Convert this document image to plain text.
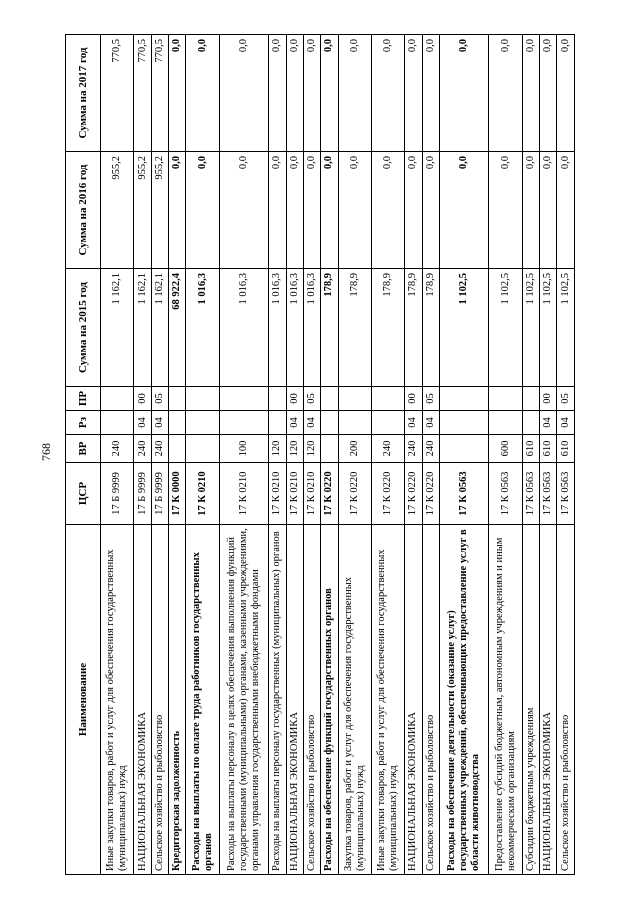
768
Наименование	ЦСР	ВР	Рз	ПР	Сумма на 2015 год	Сумма на 2016 год	Сумма на 2017 год
Иные закупки товаров, работ и услуг для обеспечения государственных (муниципальных) нужд	17 Б 9999	240			1 162,1	955,2	770,5
НАЦИОНАЛЬНАЯ ЭКОНОМИКА	17 Б 9999	240	04	00	1 162,1	955,2	770,5
Сельское хозяйство и рыболовство	17 Б 9999	240	04	05	1 162,1	955,2	770,5
Кредиторская задолженность	17 К 0000				68 922,4	0,0	0,0
Расходы на выплаты по оплате труда работников государственных органов	17 К 0210				1 016,3	0,0	0,0
Расходы на выплаты персоналу в целях обеспечения выполнения функций государственными (муниципальными) органами, казенными учреждениями, органами управления государственными внебюджетными фондами	17 К 0210	100			1 016,3	0,0	0,0
Расходы на выплаты персоналу государственных (муниципальных) органов	17 К 0210	120			1 016,3	0,0	0,0
НАЦИОНАЛЬНАЯ ЭКОНОМИКА	17 К 0210	120	04	00	1 016,3	0,0	0,0
Сельское хозяйство и рыболовство	17 К 0210	120	04	05	1 016,3	0,0	0,0
Расходы на обеспечение функций государственных органов	17 К 0220				178,9	0,0	0,0
Закупка товаров, работ и услуг для обеспечения государственных (муниципальных) нужд	17 К 0220	200			178,9	0,0	0,0
Иные закупки товаров, работ и услуг для обеспечения государственных (муниципальных) нужд	17 К 0220	240			178,9	0,0	0,0
НАЦИОНАЛЬНАЯ ЭКОНОМИКА	17 К 0220	240	04	00	178,9	0,0	0,0
Сельское хозяйство и рыболовство	17 К 0220	240	04	05	178,9	0,0	0,0
Расходы на обеспечение деятельности (оказание услуг) государственных учреждений, обеспечивающих предоставление услуг в области животноводства	17 К 0563				1 102,5	0,0	0,0
Предоставление субсидий бюджетным, автономным учреждениям и иным некоммерческим организациям	17 К 0563	600			1 102,5	0,0	0,0
Субсидии бюджетным учреждениям	17 К 0563	610			1 102,5	0,0	0,0
НАЦИОНАЛЬНАЯ ЭКОНОМИКА	17 К 0563	610	04	00	1 102,5	0,0	0,0
Сельское хозяйство и рыболовство	17 К 0563	610	04	05	1 102,5	0,0	0,0
